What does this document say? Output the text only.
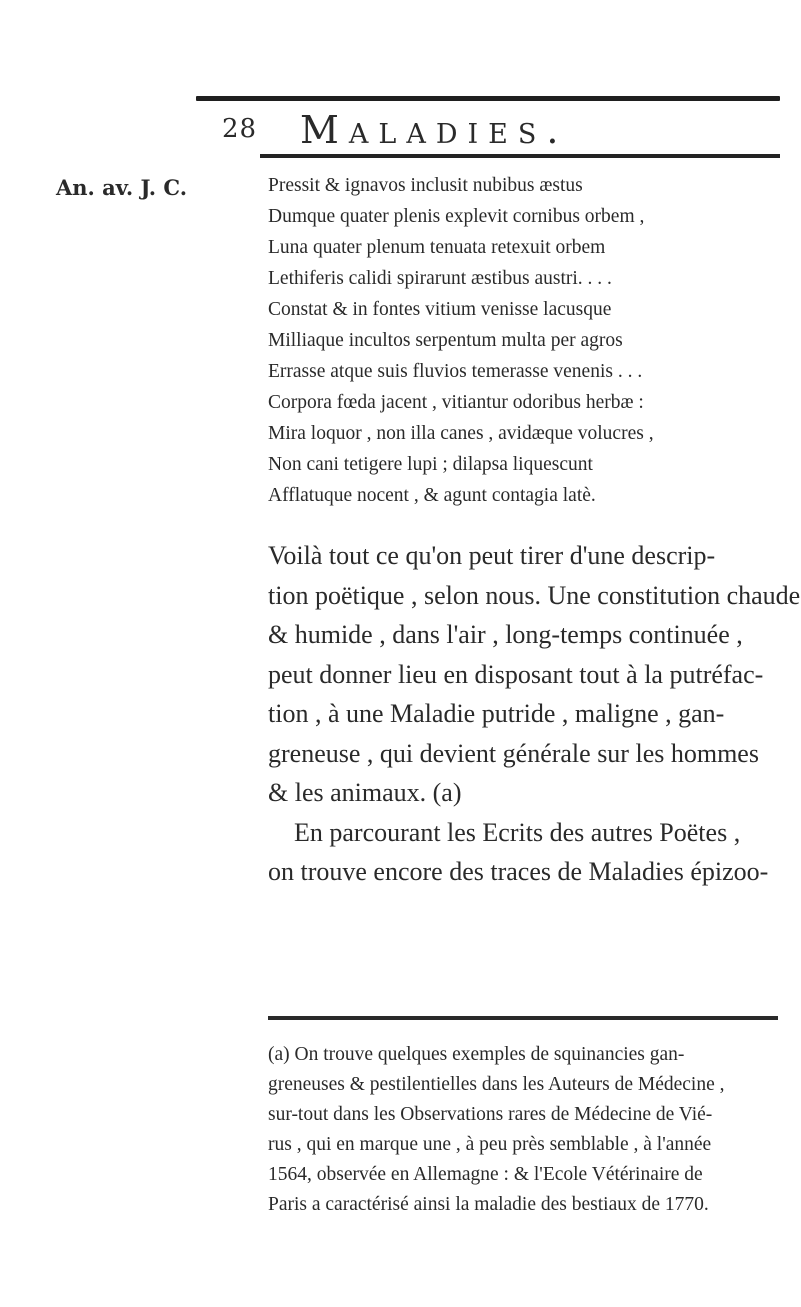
28 Maladies.
An. av. J. C.	Pressit & ignavos inclusit nubibus æstus
Dumque quater plenis explevit cornibus orbem ,
Luna quater plenum tenuata retexuit orbem
Lethiferis calidi spirarunt æstibus austri. . . .
Constat & in fontes vitium venisse lacusque
Milliaque incultos serpentum multa per agros
Errasse atque suis fluvios temerasse venenis . . .
Corpora fœda jacent , vitiantur odoribus herbæ :
Mira loquor , non illa canes , avidæque volucres ,
Non cani tetigere lupi ; dilapsa liquescunt
Afflatuque nocent , & agunt contagia latè.
Voilà tout ce qu'on peut tirer d'une descrip-
tion poëtique , selon nous. Une constitution chaude
& humide , dans l'air , long-temps continuée ,
peut donner lieu en disposant tout à la putréfac-
tion , à une Maladie putride , maligne , gan-
greneuse , qui devient générale sur les hommes
& les animaux. (a)
En parcourant les Ecrits des autres Poëtes ,
on trouve encore des traces de Maladies épizoo-
(a) On trouve quelques exemples de squinancies gan-
greneuses & pestilentielles dans les Auteurs de Médecine ,
sur-tout dans les Observations rares de Médecine de Vié-
rus , qui en marque une , à peu près semblable , à l'année
1564, observée en Allemagne : & l'Ecole Vétérinaire de
Paris a caractérisé ainsi la maladie des bestiaux de 1770.
